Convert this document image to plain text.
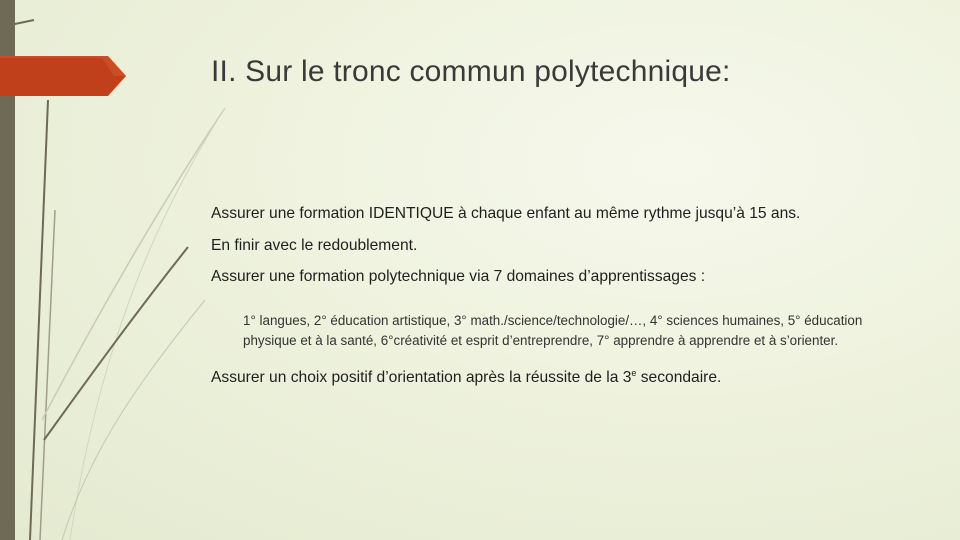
II. Sur le tronc commun polytechnique:

Assurer une formation IDENTIQUE à chaque enfant au même rythme jusqu’à 15 ans.

En finir avec le redoublement.

Assurer une formation polytechnique via 7 domaines d’apprentissages :

1° langues, 2° éducation artistique, 3° math./science/technologie/…, 4° sciences humaines, 5° éducation physique et à la santé, 6°créativité et esprit d’entreprendre, 7° apprendre à apprendre et à s’orienter.

Assurer un choix positif d’orientation après la réussite de la 3e secondaire.
